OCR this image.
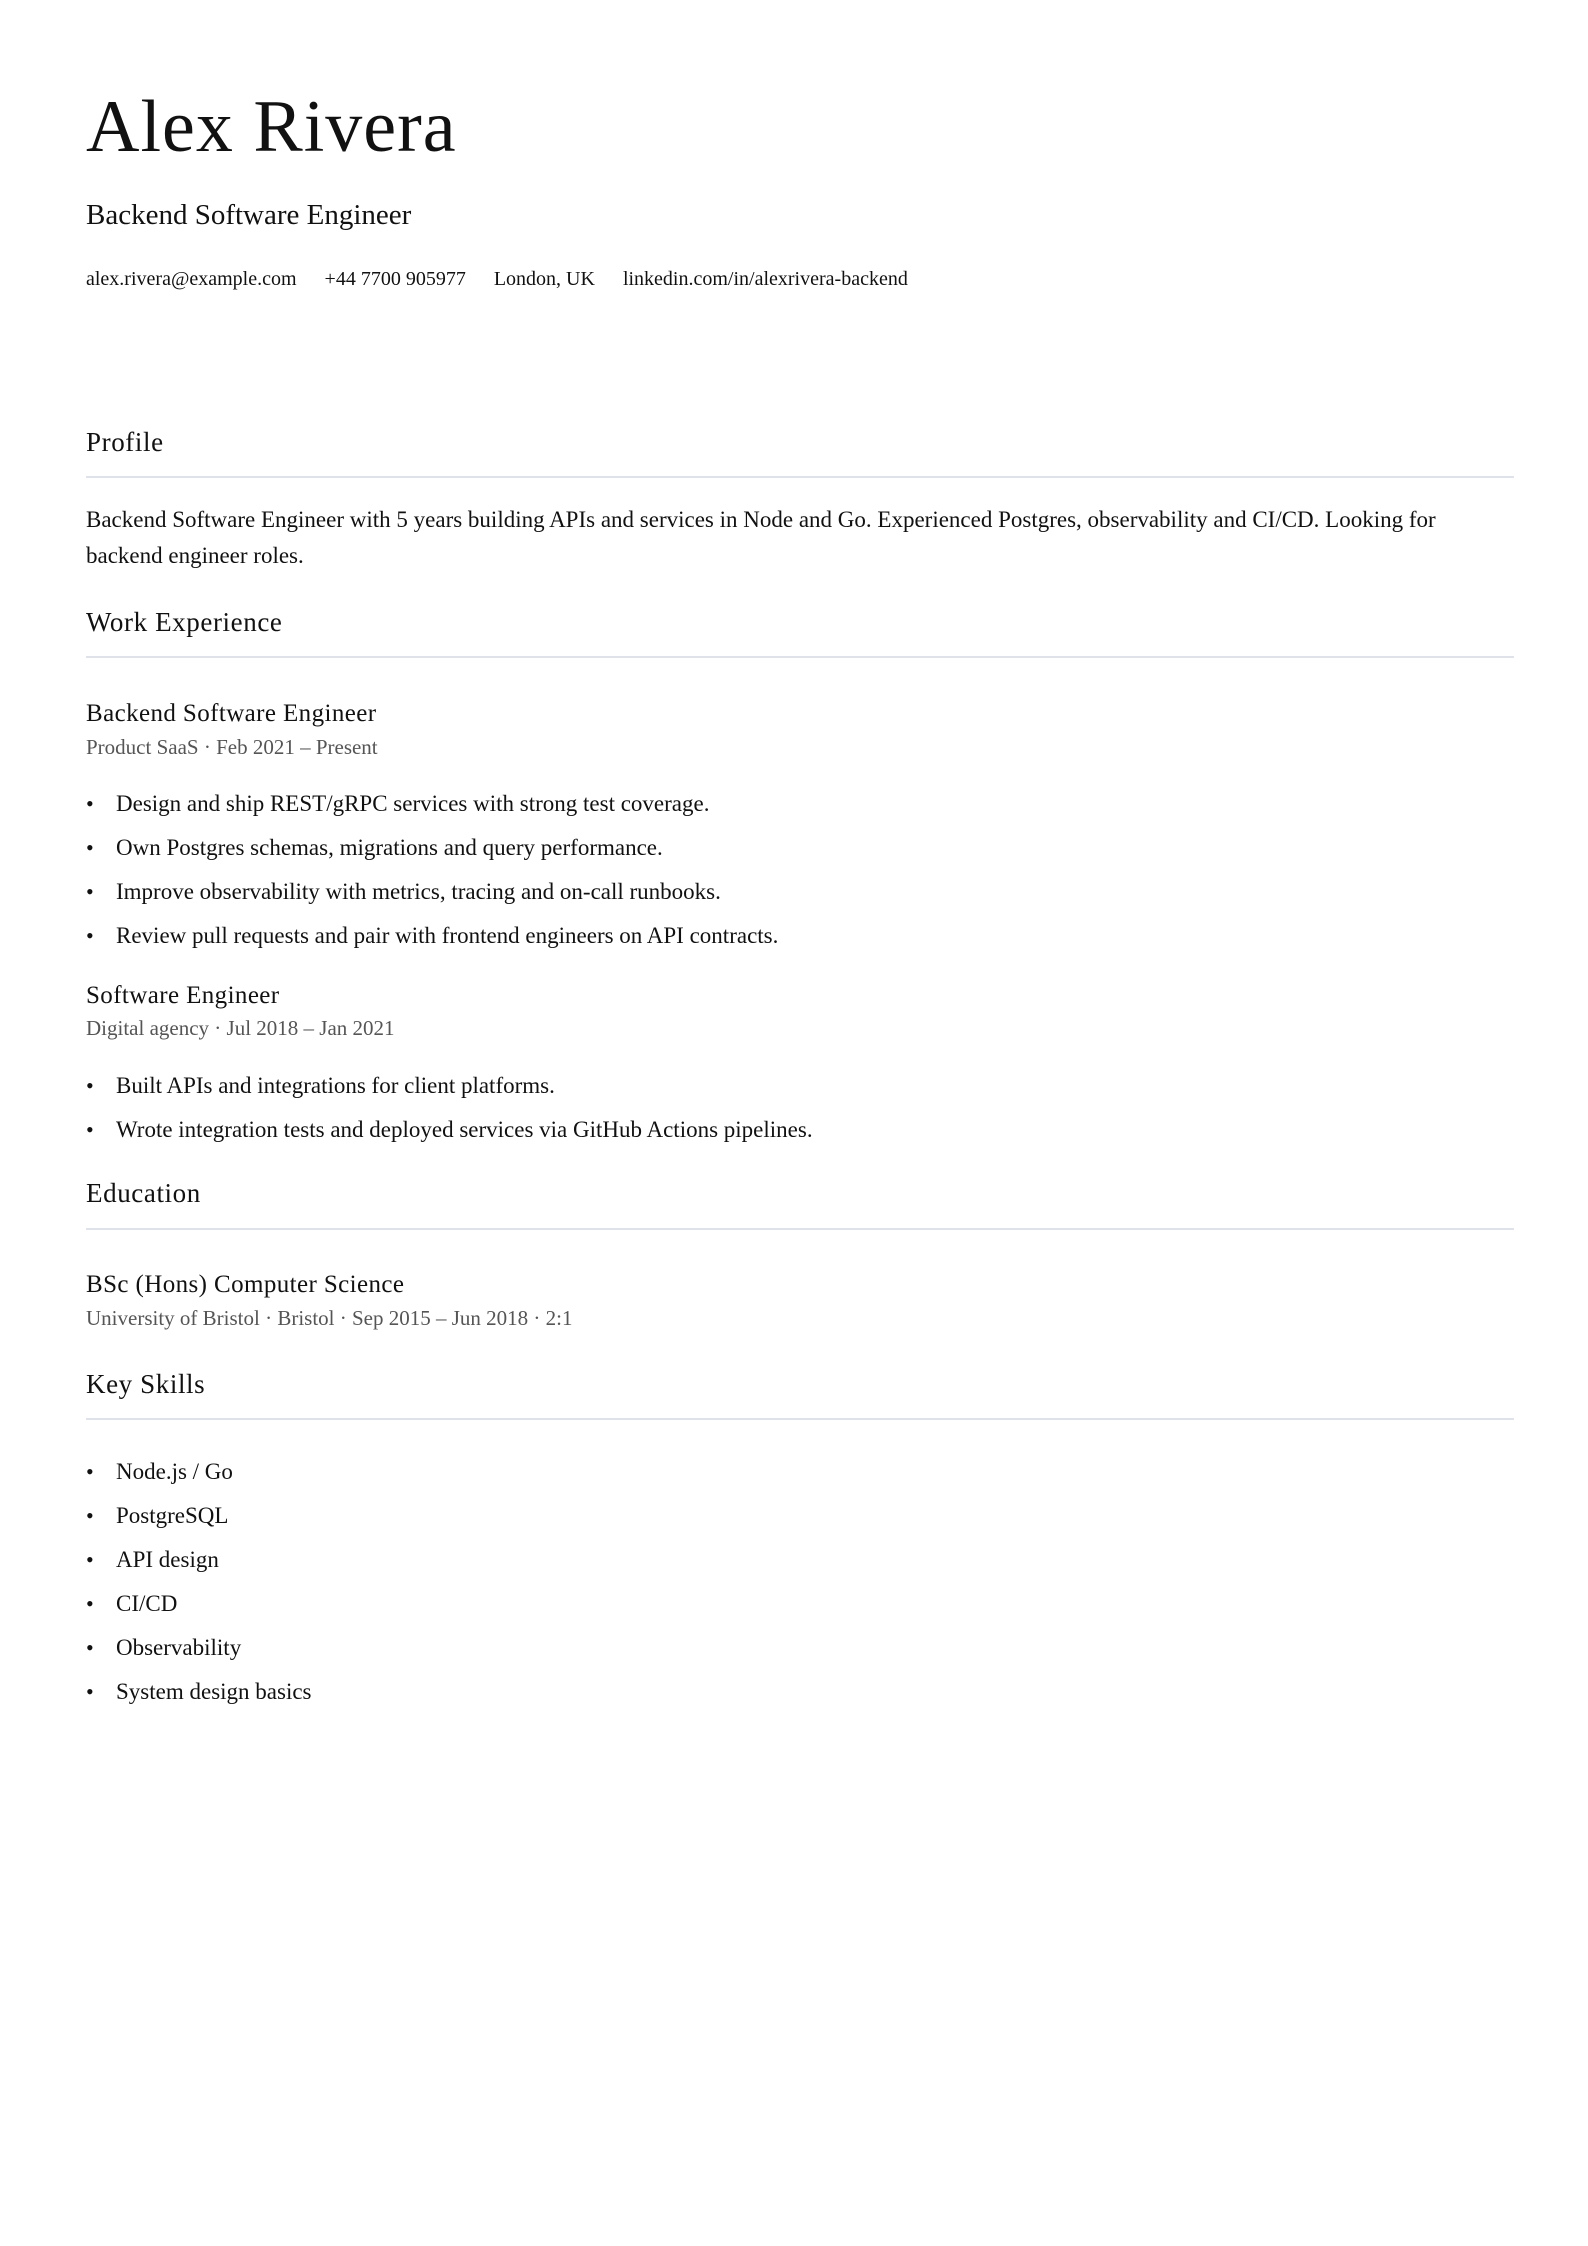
Alex Rivera
Backend Software Engineer
alex.rivera@example.com +44 7700 905977 London, UK linkedin.com/in/alexrivera-backend
Profile
Backend Software Engineer with 5 years building APIs and services in Node and Go. Experienced Postgres, observability and CI/CD. Looking for backend engineer roles.
Work Experience
Backend Software Engineer
Product SaaS · Feb 2021 – Present
• Design and ship REST/gRPC services with strong test coverage.
• Own Postgres schemas, migrations and query performance.
• Improve observability with metrics, tracing and on-call runbooks.
• Review pull requests and pair with frontend engineers on API contracts.
Software Engineer
Digital agency · Jul 2018 – Jan 2021
• Built APIs and integrations for client platforms.
• Wrote integration tests and deployed services via GitHub Actions pipelines.
Education
BSc (Hons) Computer Science
University of Bristol · Bristol · Sep 2015 – Jun 2018 · 2:1
Key Skills
• Node.js / Go
• PostgreSQL
• API design
• CI/CD
• Observability
• System design basics
